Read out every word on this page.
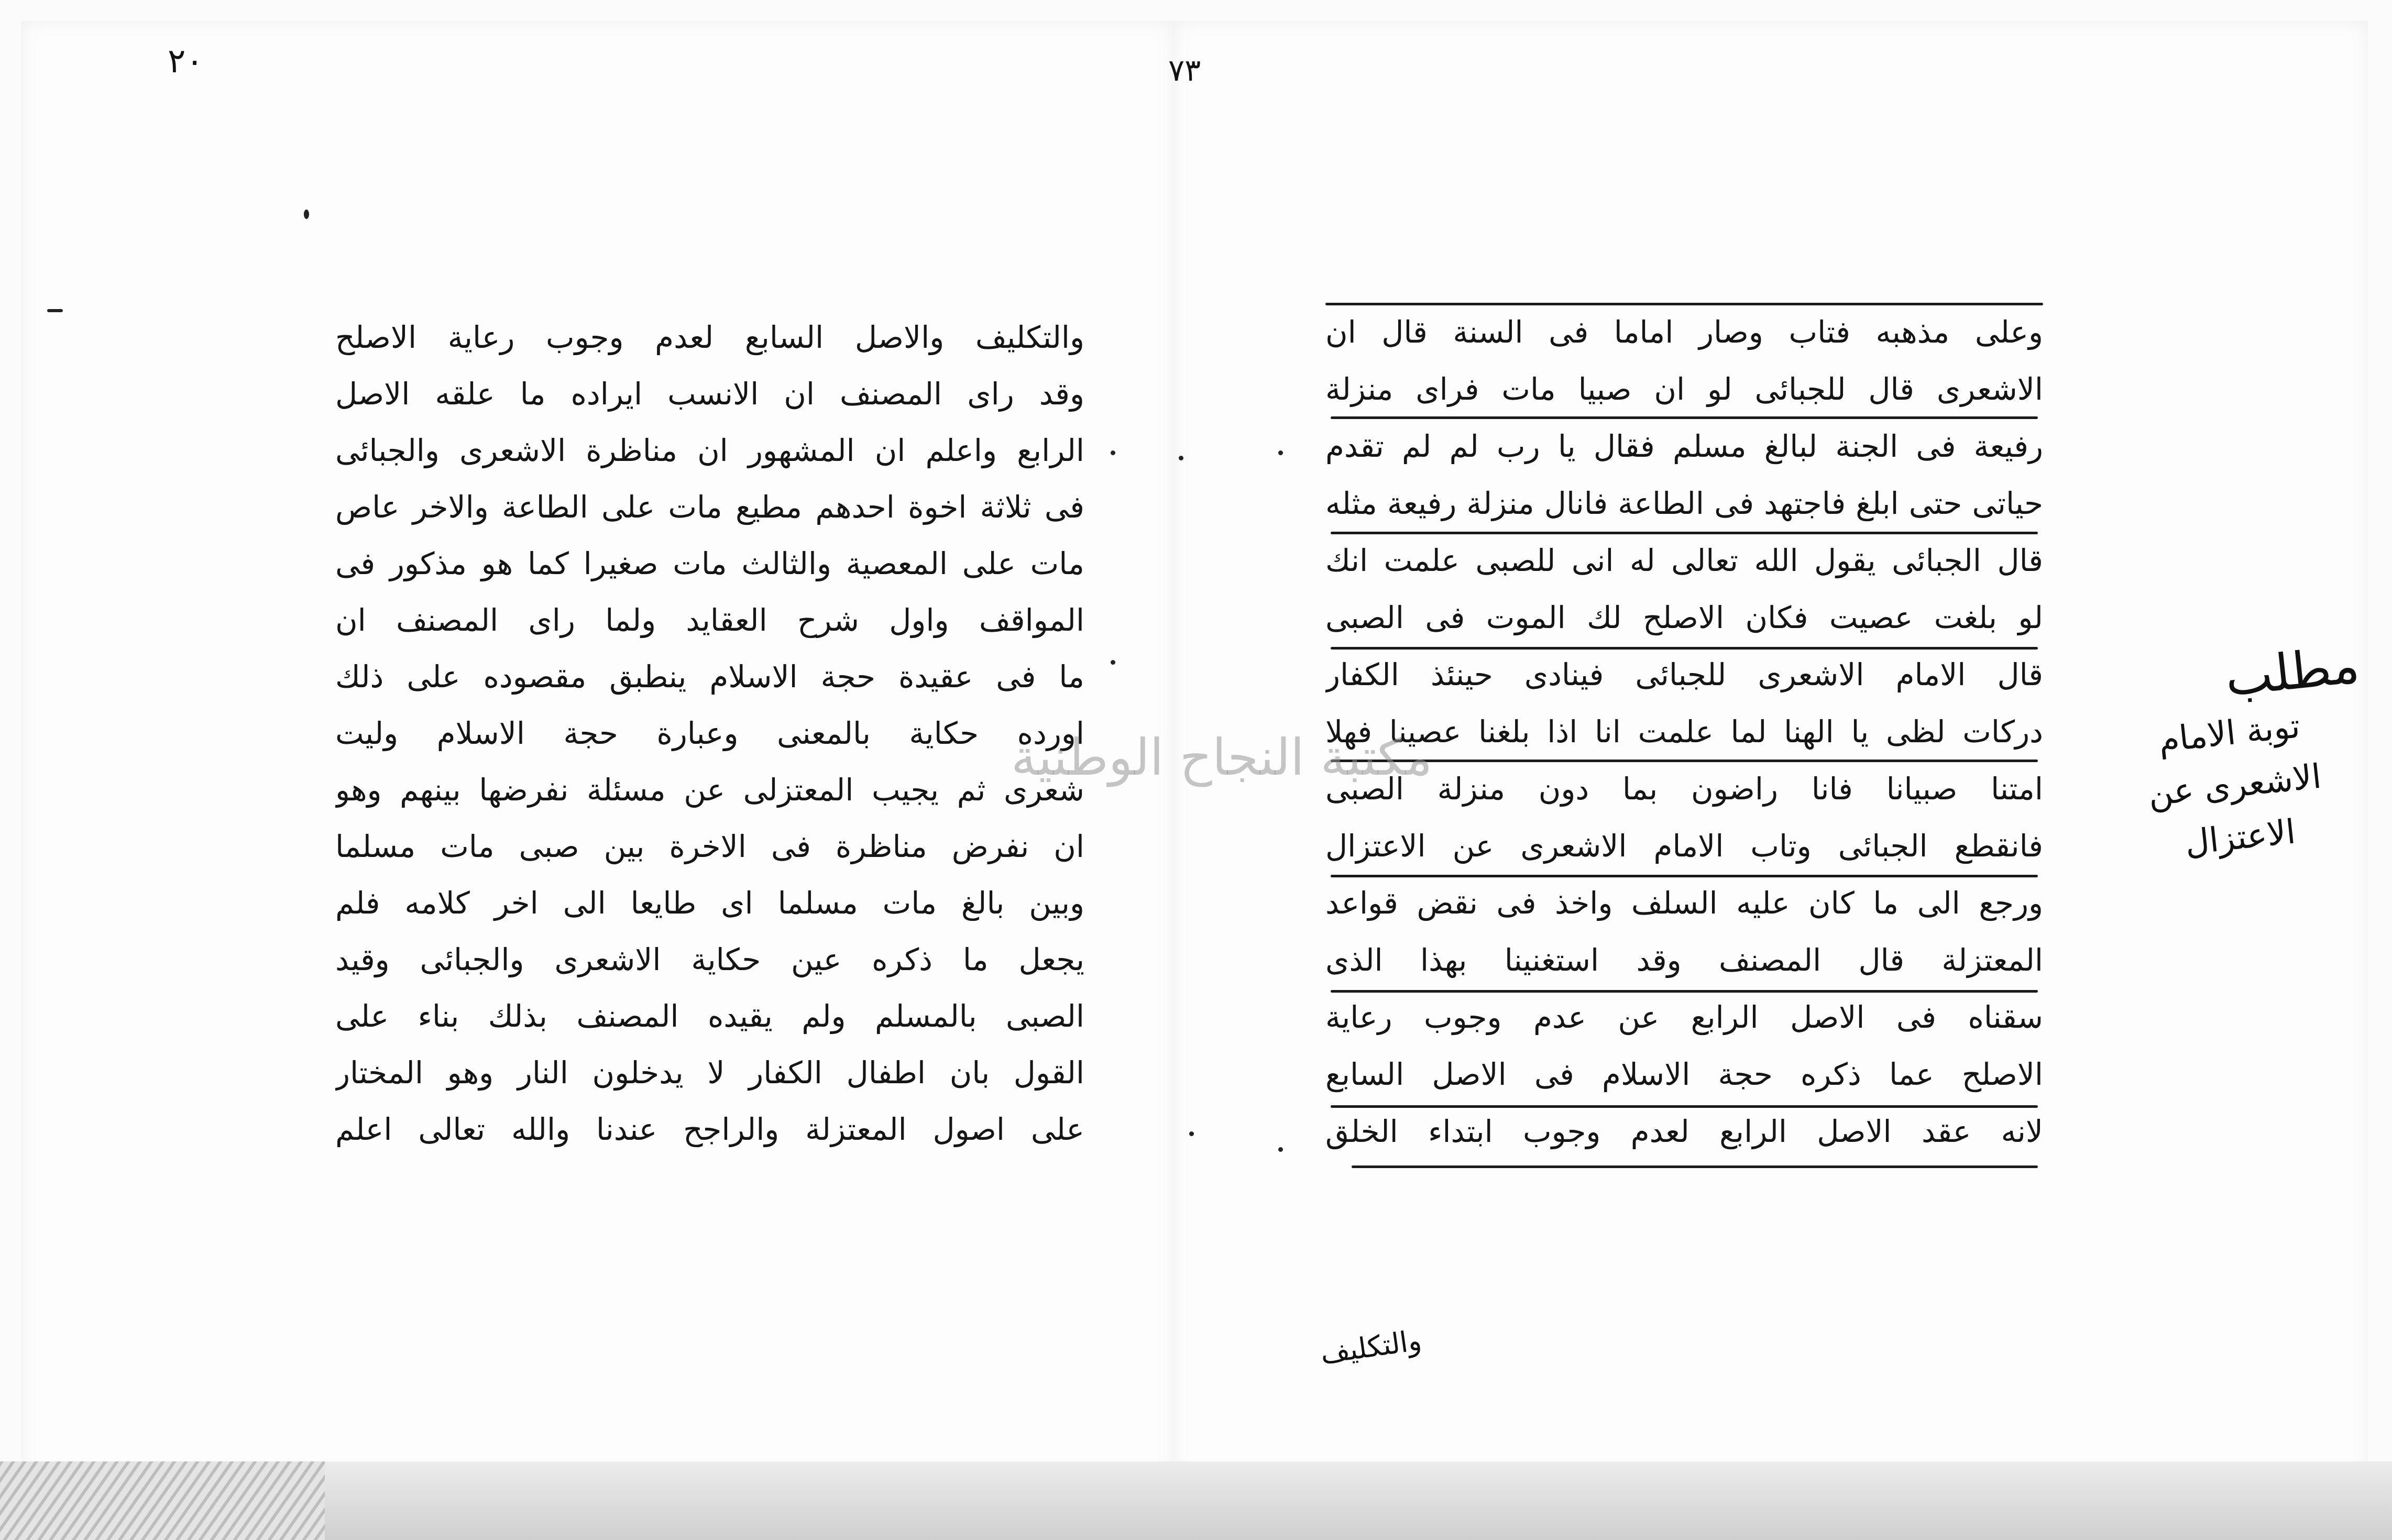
٢٠	٧٣
والتكليف والاصل السابع لعدم وجوب رعاية الاصلح
وقد راى المصنف ان الانسب ايراده ما علقه الاصل
الرابع واعلم ان المشهور ان مناظرة الاشعرى والجبائى
فى ثلاثة اخوة احدهم مطيع مات على الطاعة والاخر عاص
مات على المعصية والثالث مات صغيرا كما هو مذكور فى
المواقف واول شرح العقايد ولما راى المصنف ان
ما فى عقيدة حجة الاسلام ينطبق مقصوده على ذلك
اورده حكاية بالمعنى وعبارة حجة الاسلام وليت
شعرى ثم يجيب المعتزلى عن مسئلة نفرضها بينهم وهو
ان نفرض مناظرة فى الاخرة بين صبى مات مسلما
وبين بالغ مات مسلما اى طايعا الى اخر كلامه فلم
يجعل ما ذكره عين حكاية الاشعرى والجبائى وقيد
الصبى بالمسلم ولم يقيده المصنف بذلك بناء على
القول بان اطفال الكفار لا يدخلون النار وهو المختار
على اصول المعتزلة والراجح عندنا والله تعالى اعلم
وعلى مذهبه فتاب وصار اماما فى السنة قال ان
الاشعرى قال للجبائى لو ان صبيا مات فراى منزلة
رفيعة فى الجنة لبالغ مسلم فقال يا رب لم لم تقدم
حياتى حتى ابلغ فاجتهد فى الطاعة فانال منزلة رفيعة مثله
قال الجبائى يقول الله تعالى له انى للصبى علمت انك
لو بلغت عصيت فكان الاصلح لك الموت فى الصبى
قال الامام الاشعرى للجبائى فينادى حينئذ الكفار
دركات لظى يا الهنا لما علمت انا اذا بلغنا عصينا فهلا
امتنا صبيانا فانا راضون بما دون منزلة الصبى
فانقطع الجبائى وتاب الامام الاشعرى عن الاعتزال
ورجع الى ما كان عليه السلف واخذ فى نقض قواعد
المعتزلة قال المصنف وقد استغنينا بهذا الذى
سقناه فى الاصل الرابع عن عدم وجوب رعاية
الاصلح عما ذكره حجة الاسلام فى الاصل السابع
لانه عقد الاصل الرابع لعدم وجوب ابتداء الخلق
مطلب
توبة الامام
الاشعرى عن
الاعتزال
والتكليف
مكتبة النجاح الوطنية
